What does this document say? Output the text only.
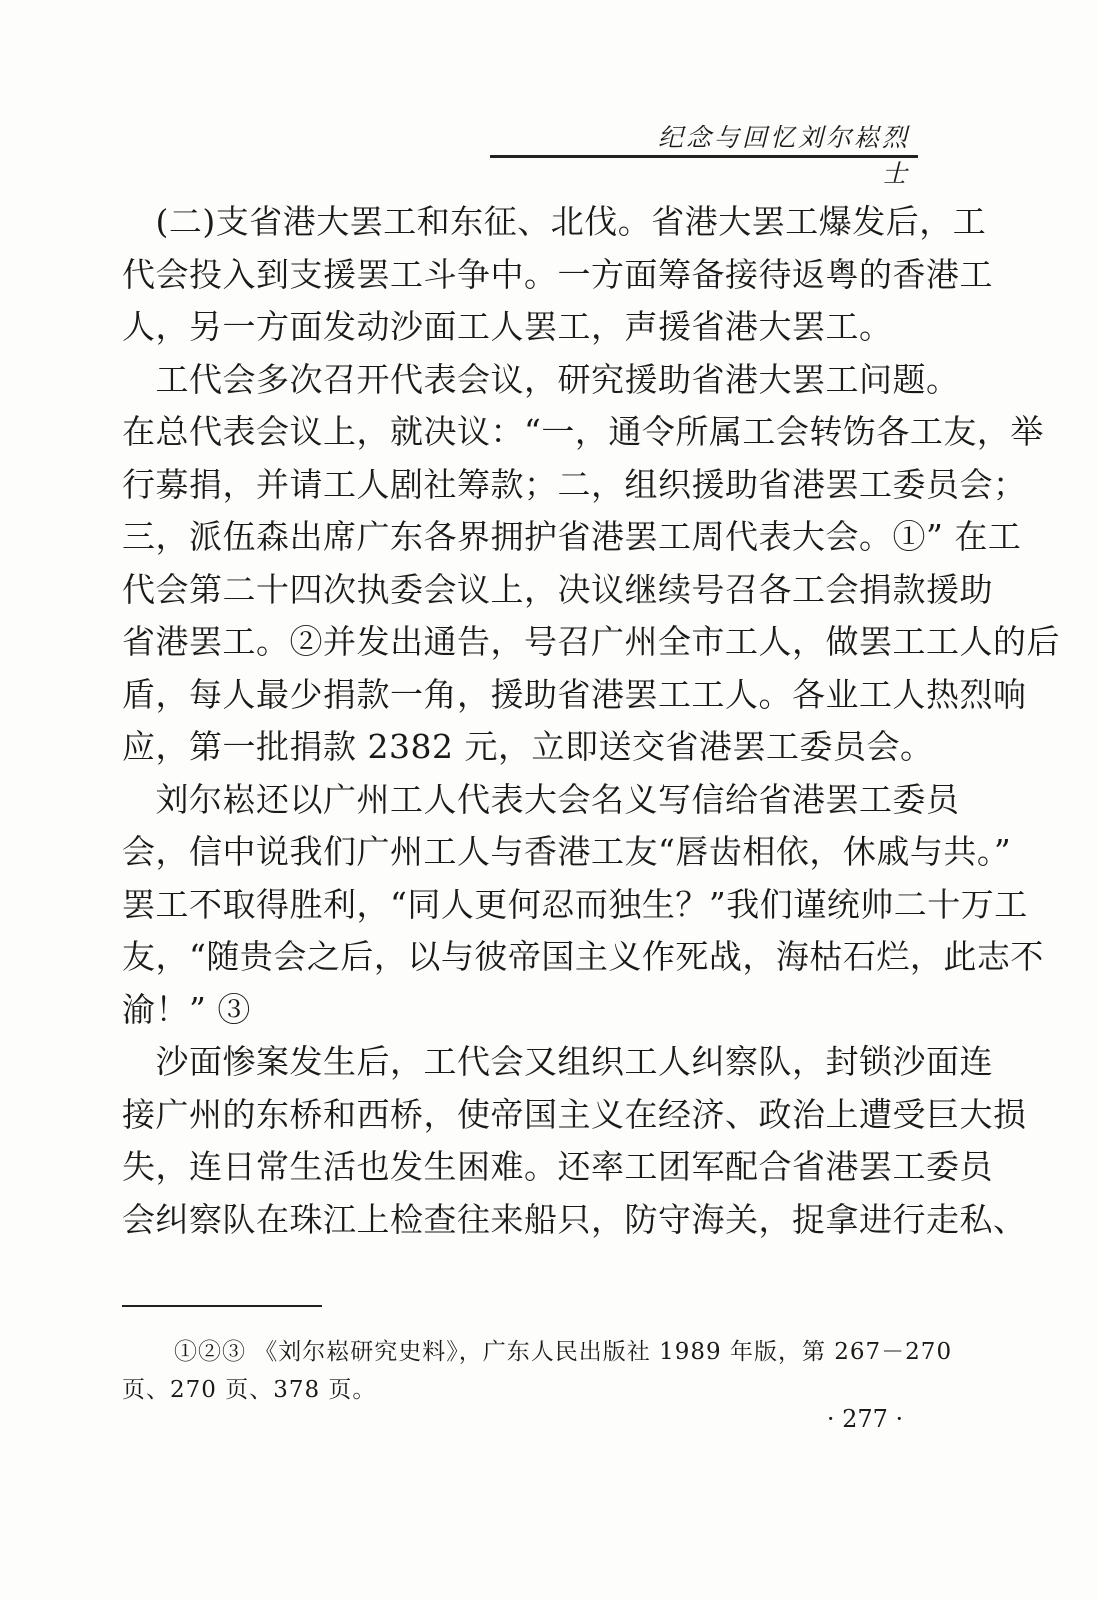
纪念与回忆刘尔崧烈士
　(二)支省港大罢工和东征、北伐。省港大罢工爆发后，工
代会投入到支援罢工斗争中。一方面筹备接待返粤的香港工
人，另一方面发动沙面工人罢工，声援省港大罢工。
　工代会多次召开代表会议，研究援助省港大罢工问题。
在总代表会议上，就决议：“一，通令所属工会转饬各工友，举
行募捐，并请工人剧社筹款；二，组织援助省港罢工委员会；
三，派伍森出席广东各界拥护省港罢工周代表大会。①” 在工
代会第二十四次执委会议上，决议继续号召各工会捐款援助
省港罢工。②并发出通告，号召广州全市工人，做罢工工人的后
盾，每人最少捐款一角，援助省港罢工工人。各业工人热烈响
应，第一批捐款 2382 元，立即送交省港罢工委员会。
　刘尔崧还以广州工人代表大会名义写信给省港罢工委员
会，信中说我们广州工人与香港工友“唇齿相依，休戚与共。”
罢工不取得胜利，“同人更何忍而独生？”我们谨统帅二十万工
友，“随贵会之后，以与彼帝国主义作死战，海枯石烂，此志不
渝！” ③
　沙面惨案发生后，工代会又组织工人纠察队，封锁沙面连
接广州的东桥和西桥，使帝国主义在经济、政治上遭受巨大损
失，连日常生活也发生困难。还率工团军配合省港罢工委员
会纠察队在珠江上检查往来船只，防守海关，捉拿进行走私、
①②③ 《刘尔崧研究史料》，广东人民出版社 1989 年版，第 267－270
页、270 页、378 页。
· 277 ·
